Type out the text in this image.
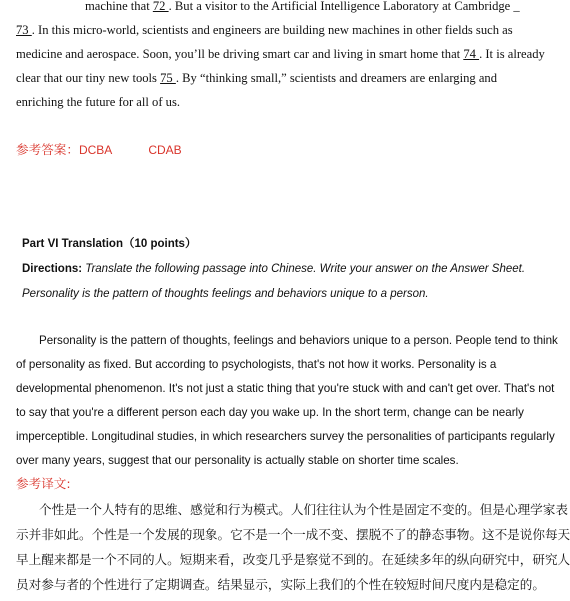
machine that 72 . But a visitor to the Artificial Intelligence Laboratory at Cambridge _
73 . In this micro-world, scientists and engineers are building new machines in other fields such as
medicine and aerospace. Soon, you’ll be driving smart car and living in smart home that 74 . It is already
clear that our tiny new tools 75 . By “thinking small,” scientists and dreamers are enlarging and
enriching the future for all of us.
参考答案：DCBA	CDAB
Part VI Translation（10 points）
Directions: Translate the following passage into Chinese. Write your answer on the Answer Sheet.
Personality is the pattern of thoughts feelings and behaviors unique to a person.
Personality is the pattern of thoughts, feelings and behaviors unique to a person. People tend to think
of personality as fixed. But according to psychologists, that's not how it works. Personality is a
developmental phenomenon. It's not just a static thing that you're stuck with and can't get over. That's not
to say that you're a different person each day you wake up. In the short term, change can be nearly
imperceptible. Longitudinal studies, in which researchers survey the personalities of participants regularly
over many years, suggest that our personality is actually stable on shorter time scales.
参考译文:
个性是一个人特有的思维、感觉和行为模式。人们往往认为个性是固定不变的。但是心理学家表
示并非如此。个性是一个发展的现象。它不是一个一成不变、摆脱不了的静态事物。这不是说你每天
早上醒来都是一个不同的人。短期来看，改变几乎是察觉不到的。在延续多年的纵向研究中，研究人
员对参与者的个性进行了定期调查。结果显示，实际上我们的个性在较短时间尺度内是稳定的。
